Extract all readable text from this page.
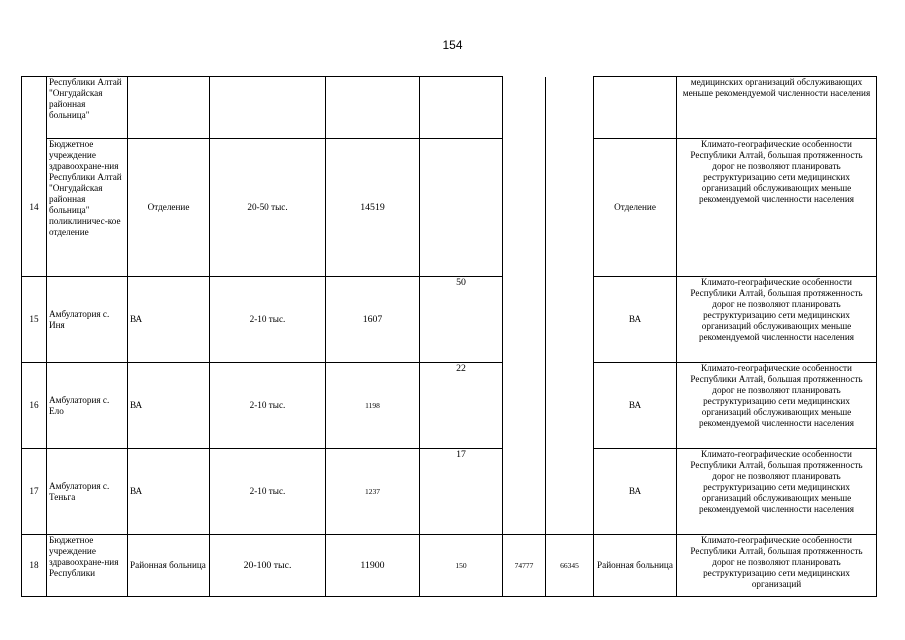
154
	Республики Алтай "Онгудайская районная больница"								медицинских организаций обслуживающих меньше рекомендуемой численности населения
14	Бюджетное учреждение здравоохране-ния Республики Алтай "Онгудайская районная больница" поликлиничес-кое отделение	Отделение	20-50 тыс.	14519				Отделение	Климато-географические особенности Республики Алтай, большая протяженность дорог не позволяют планировать реструктуризацию сети медицинских организаций обслуживающих меньше рекомендуемой численности населения
15	Амбулатория с. Иня	ВА	2-10 тыс.	1607	50			ВА	Климато-географические особенности Республики Алтай, большая протяженность дорог не позволяют планировать реструктуризацию сети медицинских организаций обслуживающих меньше рекомендуемой численности населения
16	Амбулатория с. Ело	ВА	2-10 тыс.	1198	22			ВА	Климато-географические особенности Республики Алтай, большая протяженность дорог не позволяют планировать реструктуризацию сети медицинских организаций обслуживающих меньше рекомендуемой численности населения
17	Амбулатория с. Теньга	ВА	2-10 тыс.	1237	17			ВА	Климато-географические особенности Республики Алтай, большая протяженность дорог не позволяют планировать реструктуризацию сети медицинских организаций обслуживающих меньше рекомендуемой численности населения
18	Бюджетное учреждение здравоохране-ния Республики	Районная больница	20-100 тыс.	11900	150	74777	66345	Районная больница	Климато-географические особенности Республики Алтай, большая протяженность дорог не позволяют планировать реструктуризацию сети медицинских организаций
